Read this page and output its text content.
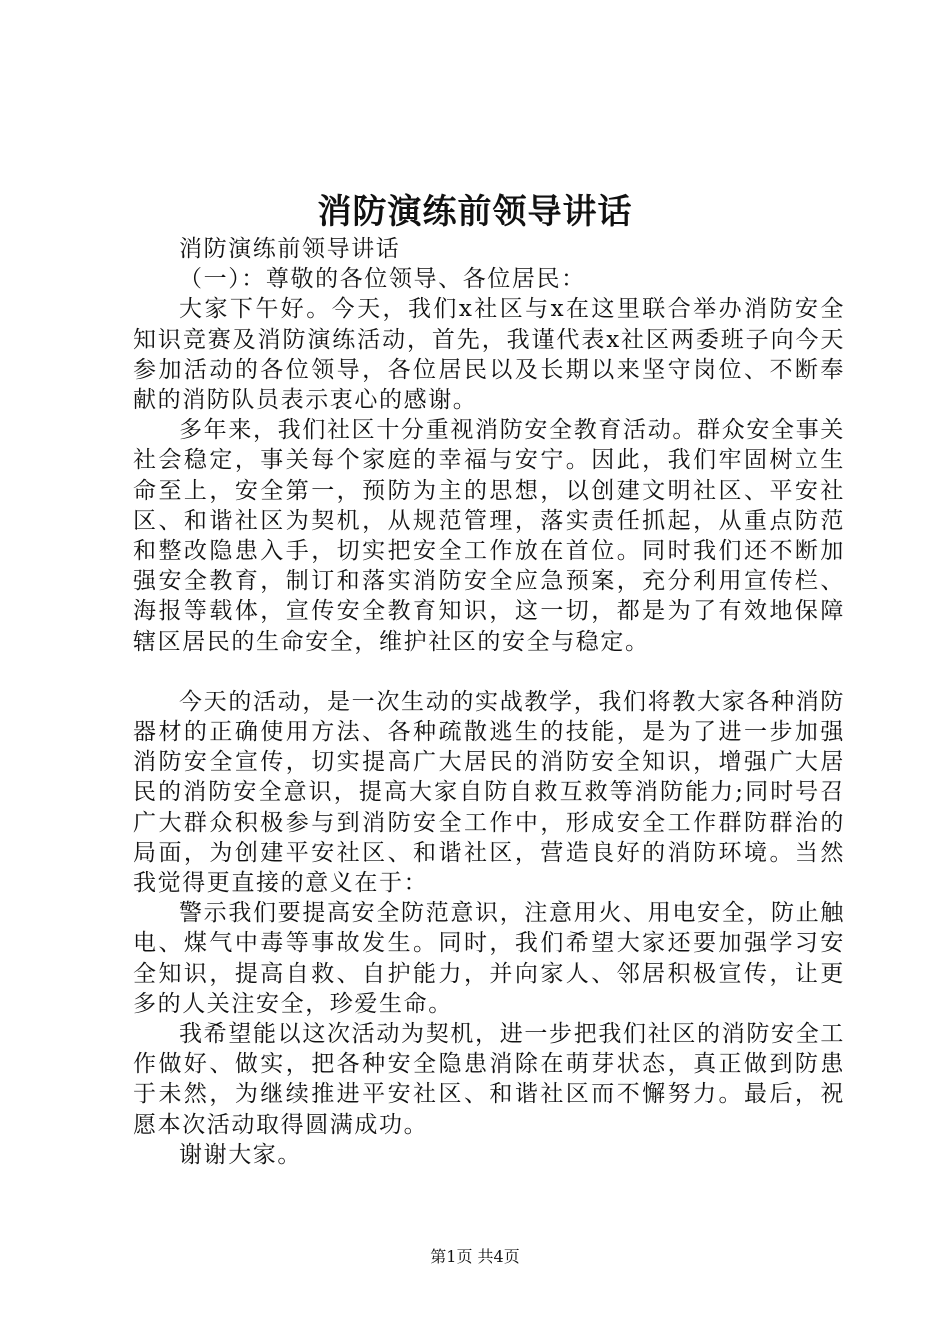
消防演练前领导讲话

消防演练前领导讲话

（一）：尊敬的各位领导、各位居民：

大家下午好。今天，我们x社区与x在这里联合举办消防安全知识竞赛及消防演练活动，首先，我谨代表x社区两委班子向今天参加活动的各位领导，各位居民以及长期以来坚守岗位、不断奉献的消防队员表示衷心的感谢。

多年来，我们社区十分重视消防安全教育活动。群众安全事关社会稳定，事关每个家庭的幸福与安宁。因此，我们牢固树立生命至上，安全第一，预防为主的思想，以创建文明社区、平安社区、和谐社区为契机，从规范管理，落实责任抓起，从重点防范和整改隐患入手，切实把安全工作放在首位。同时我们还不断加强安全教育，制订和落实消防安全应急预案，充分利用宣传栏、海报等载体，宣传安全教育知识，这一切，都是为了有效地保障辖区居民的生命安全，维护社区的安全与稳定。

今天的活动，是一次生动的实战教学，我们将教大家各种消防器材的正确使用方法、各种疏散逃生的技能，是为了进一步加强消防安全宣传，切实提高广大居民的消防安全知识，增强广大居民的消防安全意识，提高大家自防自救互救等消防能力;同时号召广大群众积极参与到消防安全工作中，形成安全工作群防群治的局面，为创建平安社区、和谐社区，营造良好的消防环境。当然我觉得更直接的意义在于：

警示我们要提高安全防范意识，注意用火、用电安全，防止触电、煤气中毒等事故发生。同时，我们希望大家还要加强学习安全知识，提高自救、自护能力，并向家人、邻居积极宣传，让更多的人关注安全，珍爱生命。

我希望能以这次活动为契机，进一步把我们社区的消防安全工作做好、做实，把各种安全隐患消除在萌芽状态，真正做到防患于未然，为继续推进平安社区、和谐社区而不懈努力。最后，祝愿本次活动取得圆满成功。

谢谢大家。

第1页 共4页
